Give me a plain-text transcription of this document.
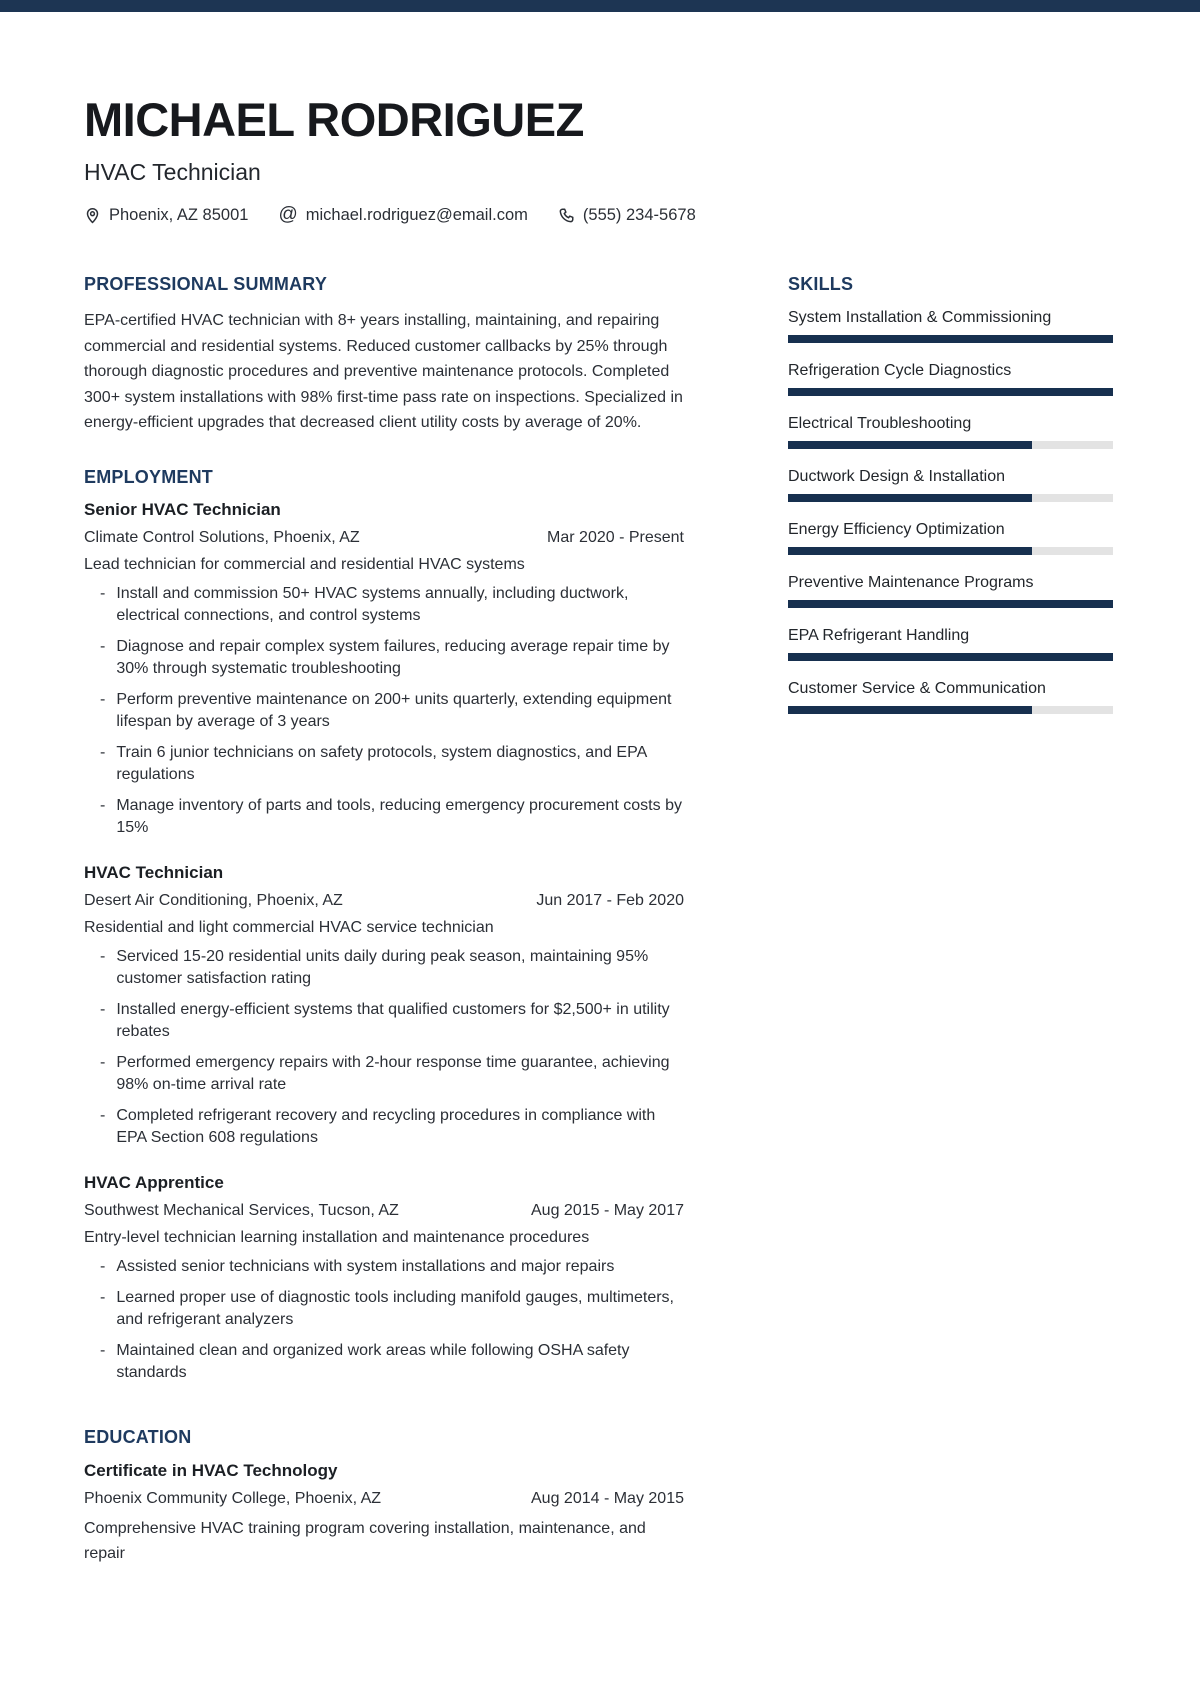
MICHAEL RODRIGUEZ
HVAC Technician
Phoenix, AZ 85001 @ michael.rodriguez@email.com	(555) 234-5678
PROFESSIONAL SUMMARY

EPA-certified HVAC technician with 8+ years installing, maintaining, and repairing commercial and residential systems. Reduced customer callbacks by 25% through thorough diagnostic procedures and preventive maintenance protocols. Completed 300+ system installations with 98% first-time pass rate on inspections. Specialized in energy-efficient upgrades that decreased client utility costs by average of 20%.

EMPLOYMENT
Senior HVAC Technician
Climate Control Solutions, Phoenix, AZ	Mar 2020 - Present
Lead technician for commercial and residential HVAC systems
- Install and commission 50+ HVAC systems annually, including ductwork, electrical connections, and control systems
- Diagnose and repair complex system failures, reducing average repair time by 30% through systematic troubleshooting
- Perform preventive maintenance on 200+ units quarterly, extending equipment lifespan by average of 3 years
- Train 6 junior technicians on safety protocols, system diagnostics, and EPA regulations
- Manage inventory of parts and tools, reducing emergency procurement costs by 15%
HVAC Technician
Desert Air Conditioning, Phoenix, AZ	Jun 2017 - Feb 2020
Residential and light commercial HVAC service technician
- Serviced 15-20 residential units daily during peak season, maintaining 95% customer satisfaction rating
- Installed energy-efficient systems that qualified customers for $2,500+ in utility rebates
- Performed emergency repairs with 2-hour response time guarantee, achieving 98% on-time arrival rate
- Completed refrigerant recovery and recycling procedures in compliance with EPA Section 608 regulations
HVAC Apprentice
Southwest Mechanical Services, Tucson, AZ	Aug 2015 - May 2017
Entry-level technician learning installation and maintenance procedures
- Assisted senior technicians with system installations and major repairs
- Learned proper use of diagnostic tools including manifold gauges, multimeters, and refrigerant analyzers
- Maintained clean and organized work areas while following OSHA safety standards
EDUCATION
Certificate in HVAC Technology
Phoenix Community College, Phoenix, AZ	Aug 2014 - May 2015

Comprehensive HVAC training program covering installation, maintenance, and repair

SKILLS
System Installation & Commissioning
Refrigeration Cycle Diagnostics
Electrical Troubleshooting
Ductwork Design & Installation
Energy Efficiency Optimization
Preventive Maintenance Programs
EPA Refrigerant Handling
Customer Service & Communication
